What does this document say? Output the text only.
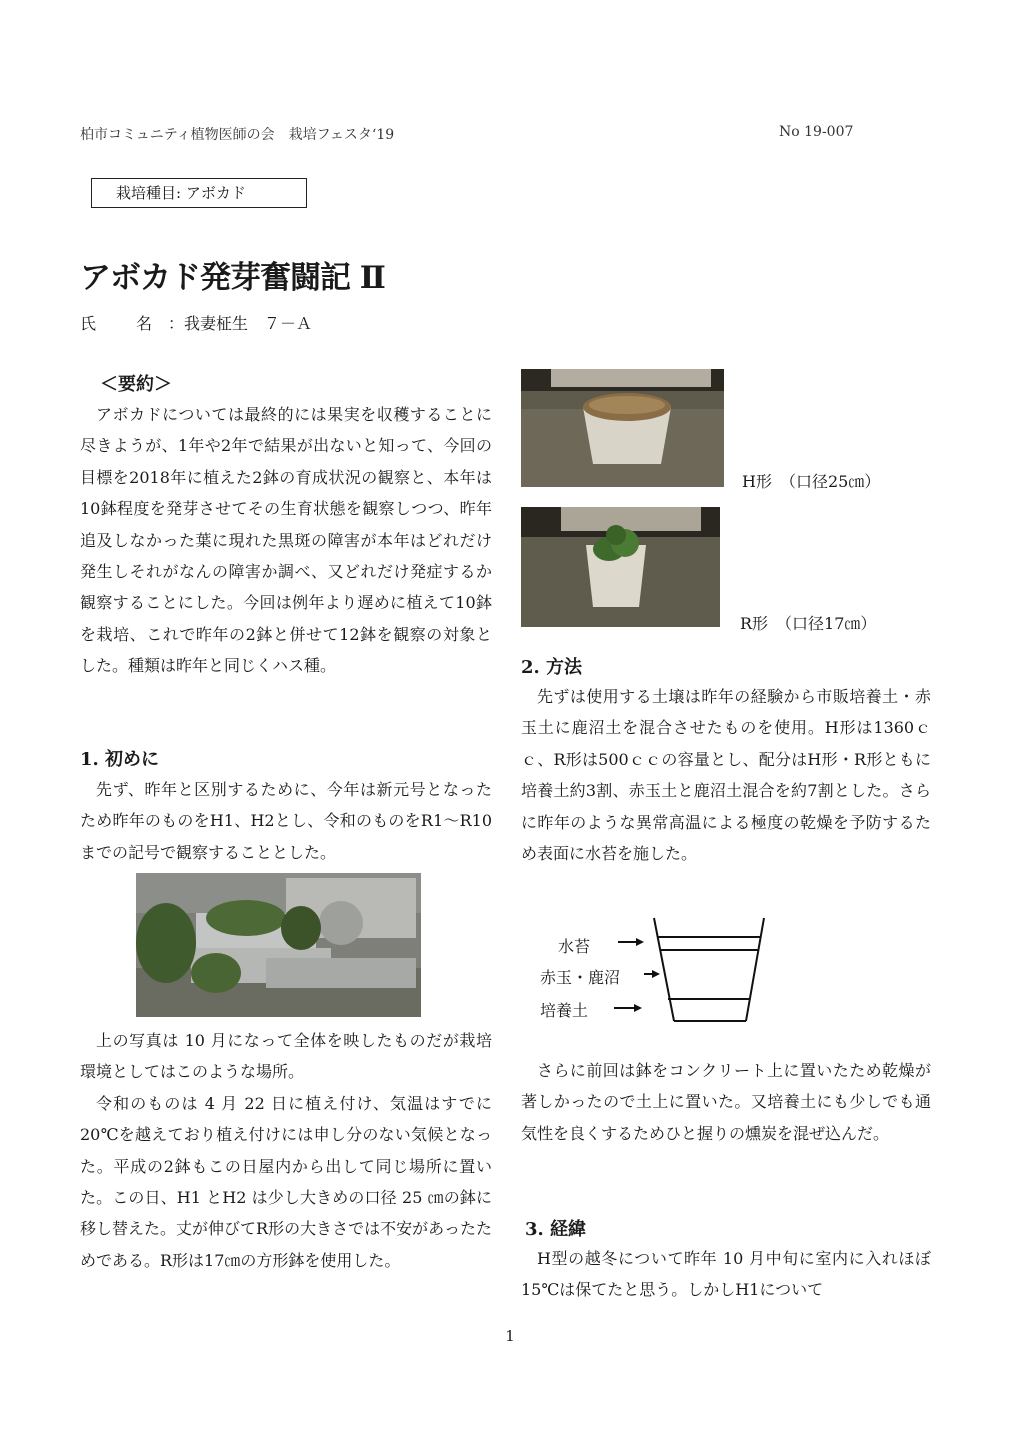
柏市コミュニティ植物医師の会　栽培フェスタ‘19	No 19‐007
栽培種目: アボカド
アボカド発芽奮闘記 Ⅱ
氏 名 ：我妻柾生　７－Ａ
＜要約＞

アボカドについては最終的には果実を収穫することに尽きようが、1年や2年で結果が出ないと知って、今回の目標を2018年に植えた2鉢の育成状況の観察と、本年は10鉢程度を発芽させてその生育状態を観察しつつ、昨年追及しなかった葉に現れた黒斑の障害が本年はどれだけ発生しそれがなんの障害か調べ、又どれだけ発症するか観察することにした。今回は例年より遅めに植えて10鉢を栽培、これで昨年の2鉢と併せて12鉢を観察の対象とした。種類は昨年と同じくハス種。

1. 初めに

先ず、昨年と区別するために、今年は新元号となったため昨年のものをH1、H2とし、令和のものをR1～R10までの記号で観察することとした。

上の写真は 10 月になって全体を映したものだが栽培環境としてはこのような場所。

令和のものは 4 月 22 日に植え付け、気温はすでに 20℃を越えており植え付けには申し分のない気候となった。平成の2鉢もこの日屋内から出して同じ場所に置いた。この日、H1 とH2 は少し大きめの口径 25 ㎝の鉢に移し替えた。丈が伸びてR形の大きさでは不安があったためである。R形は17㎝の方形鉢を使用した。

H形　（口径25㎝）
R形　（口径17㎝）
2. 方法

先ずは使用する土壌は昨年の経験から市販培養土・赤玉土に鹿沼土を混合させたものを使用。H形は1360ｃｃ、R形は500ｃｃの容量とし、配分はH形・R形ともに培養土約3割、赤玉土と鹿沼土混合を約7割とした。さらに昨年のような異常高温による極度の乾燥を予防するため表面に水苔を施した。

水苔
赤玉・鹿沼
培養土

さらに前回は鉢をコンクリート上に置いたため乾燥が著しかったので土上に置いた。又培養土にも少しでも通気性を良くするためひと握りの燻炭を混ぜ込んだ。

3. 経緯

H型の越冬について昨年 10 月中旬に室内に入れほぼ 15℃は保てたと思う。しかしH1について

1
